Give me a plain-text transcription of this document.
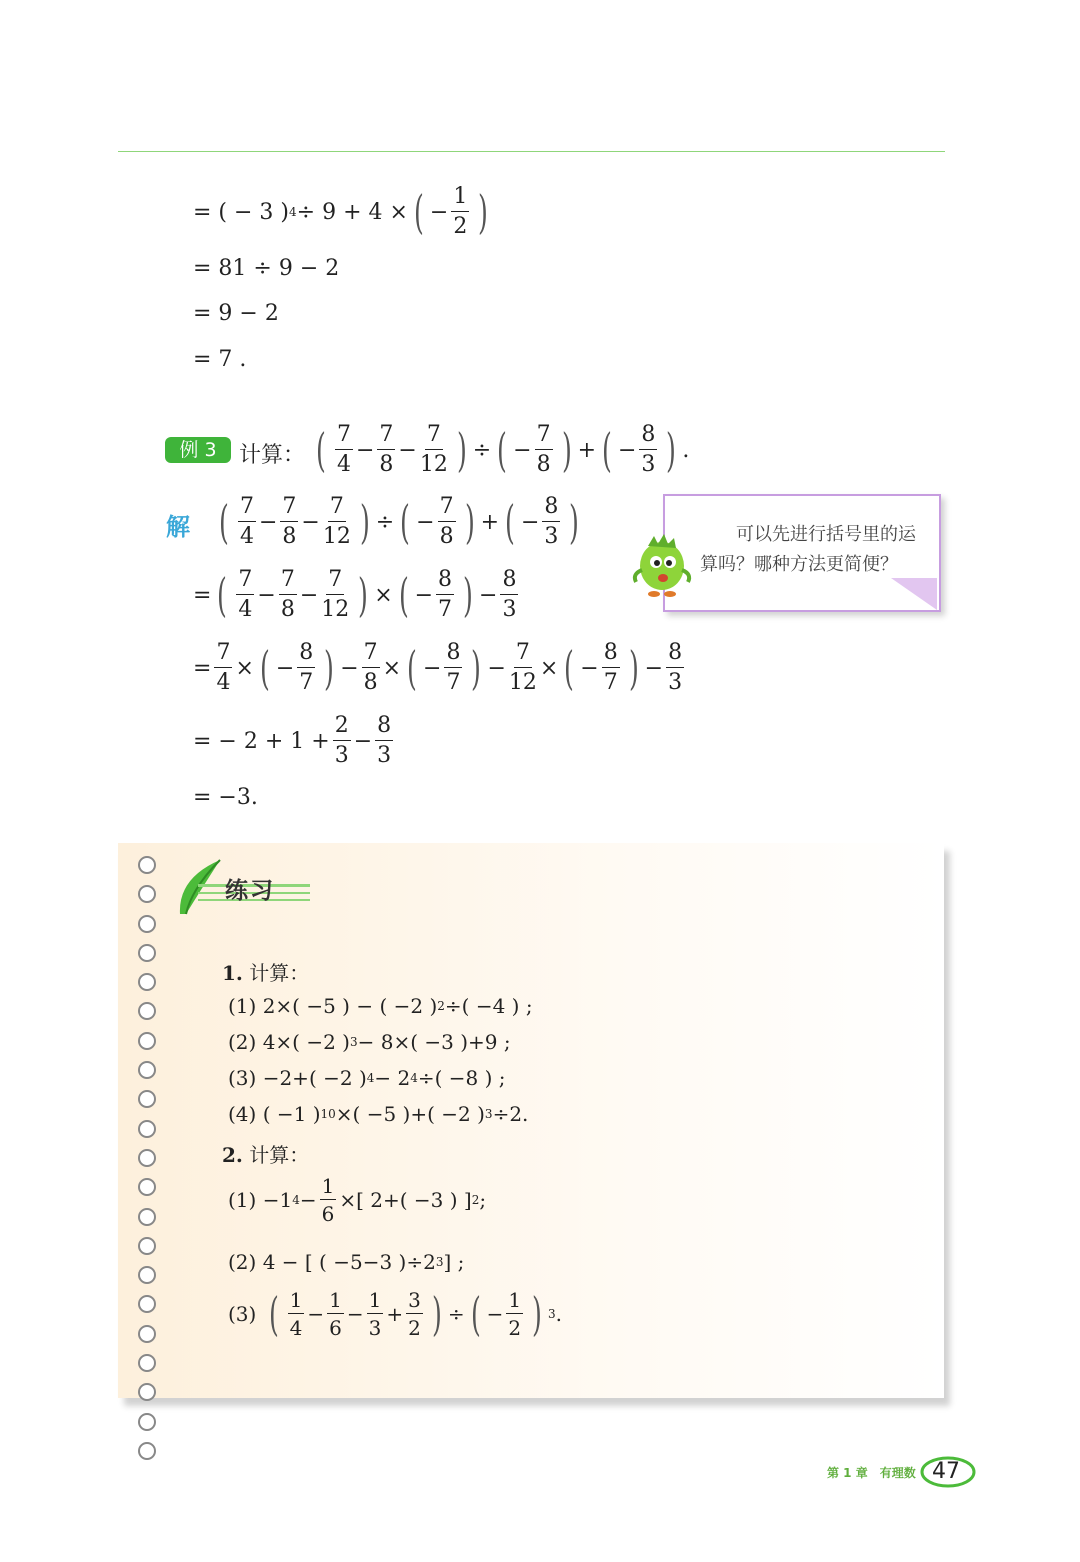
= ( − 3 ) 4 ÷ 9 + 4 × ( − $\frac{1}{2}$ )
= 81 ÷ 9 − 2
= 9 − 2
= 7 .
例 3	计算： ( $\frac{7}{4} - \frac{7}{8} - \frac{7}{12}$ ) ÷ ( − $\frac{7}{8}$ ) + ( − $\frac{8}{3}$ ) .
解 ( $\frac{7}{4} - \frac{7}{8} - \frac{7}{12}$ ) ÷ ( − $\frac{7}{8}$ ) + ( − $\frac{8}{3}$ )
= ( $\frac{7}{4} - \frac{7}{8} - \frac{7}{12}$ ) × ( − $\frac{8}{7}$ ) − $\frac{8}{3}$
= $\frac{7}{4}$ × ( − $\frac{8}{7}$ ) − $\frac{7}{8}$ × ( − $\frac{8}{7}$ ) − $\frac{7}{12}$ × ( − $\frac{8}{7}$ ) − $\frac{8}{3}$
= − $2 + 1 + \frac{2}{3} - \frac{8}{3}$
= −3.
可以先进行括号里的运
算吗？哪种方法更简便？
练习
1. 计算：
(1)
2×( −5 ) − ( −2 ) 2 ÷( −4 ) ;
(2)
4×( −2 ) 3 − 8×( −3 )+9 ;
(3)
−2+( −2 ) 4 − 2 4 ÷( −8 ) ;
(4)
( −1 ) 10 ×( −5 )+( −2 ) 3 ÷2.
2. 计算：
(1)
−1 $4 - \frac{1}{6}$ ×[ 2+( −3 ) ] 2 ;
(2)
4 − [ ( −5−3 )÷2 3 ] ;
(3)
( $\frac{1}{4} - \frac{1}{6} - \frac{1}{3} + \frac{3}{2}$ ) ÷ ( − $\frac{1}{2}$ ) 3 .
第 1 章　有理数 47
